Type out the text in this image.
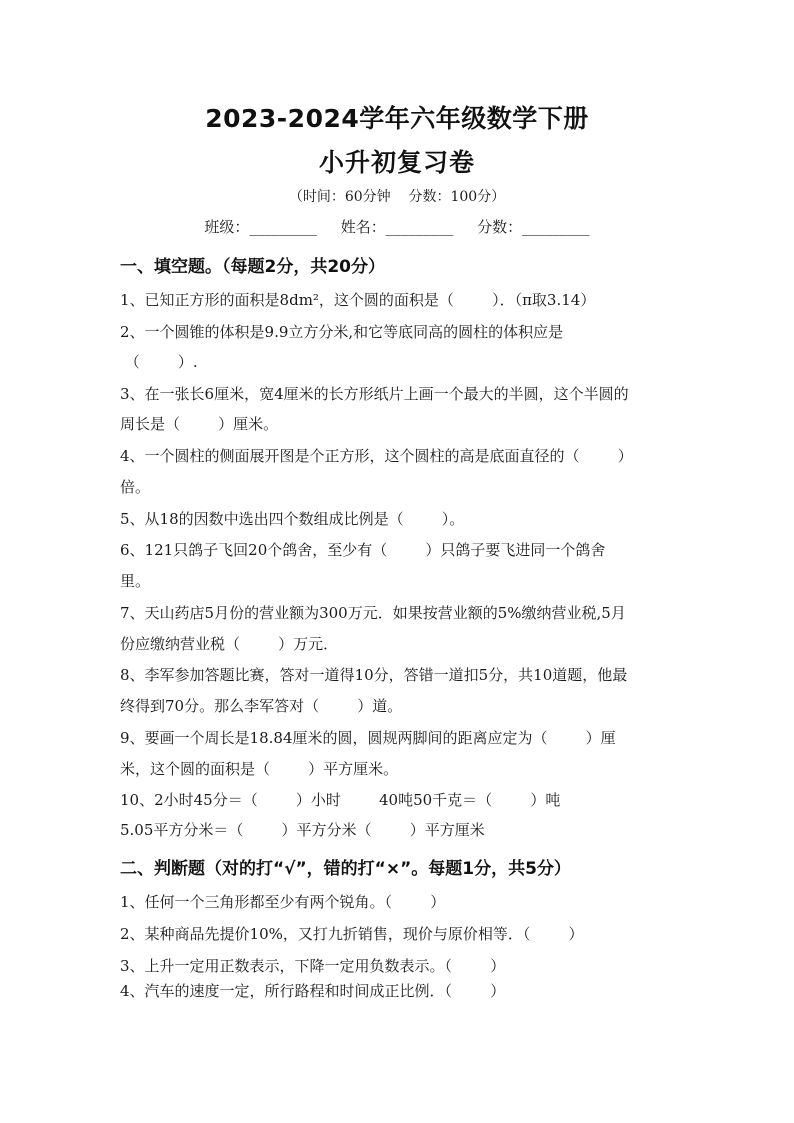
2023-2024学年六年级数学下册
小升初复习卷
（时间：60分钟    分数：100分）
班级：_________     姓名：_________     分数：_________
一、填空题。（每题2分，共20分）
1、已知正方形的面积是8dm²，这个圆的面积是（        ）．（π取3.14）
2、一个圆锥的体积是9.9立方分米,和它等底同高的圆柱的体积应是
（        ）.
3、在一张长6厘米，宽4厘米的长方形纸片上画一个最大的半圆，这个半圆的
周长是（        ）厘米。
4、一个圆柱的侧面展开图是个正方形，这个圆柱的高是底面直径的（        ）
倍。
5、从18的因数中选出四个数组成比例是（        ）。
6、121只鸽子飞回20个鸽舍，至少有（        ）只鸽子要飞进同一个鸽舍
里。
7、天山药店5月份的营业额为300万元．如果按营业额的5%缴纳营业税,5月
份应缴纳营业税（        ）万元．
8、李军参加答题比赛，答对一道得10分，答错一道扣5分，共10道题，他最
终得到70分。那么李军答对（        ）道。
9、要画一个周长是18.84厘米的圆，圆规两脚间的距离应定为（        ）厘
米，这个圆的面积是（        ）平方厘米。
10、2小时45分＝（        ）小时        40吨50千克＝（        ）吨
5.05平方分米＝（        ）平方分米（        ）平方厘米
二、判断题（对的打“√”，错的打“×”。每题1分，共5分）
1、任何一个三角形都至少有两个锐角。（        ）
2、某种商品先提价10%，又打九折销售，现价与原价相等．（        ）
3、上升一定用正数表示，下降一定用负数表示。（        ）
4、汽车的速度一定，所行路程和时间成正比例．（        ）
